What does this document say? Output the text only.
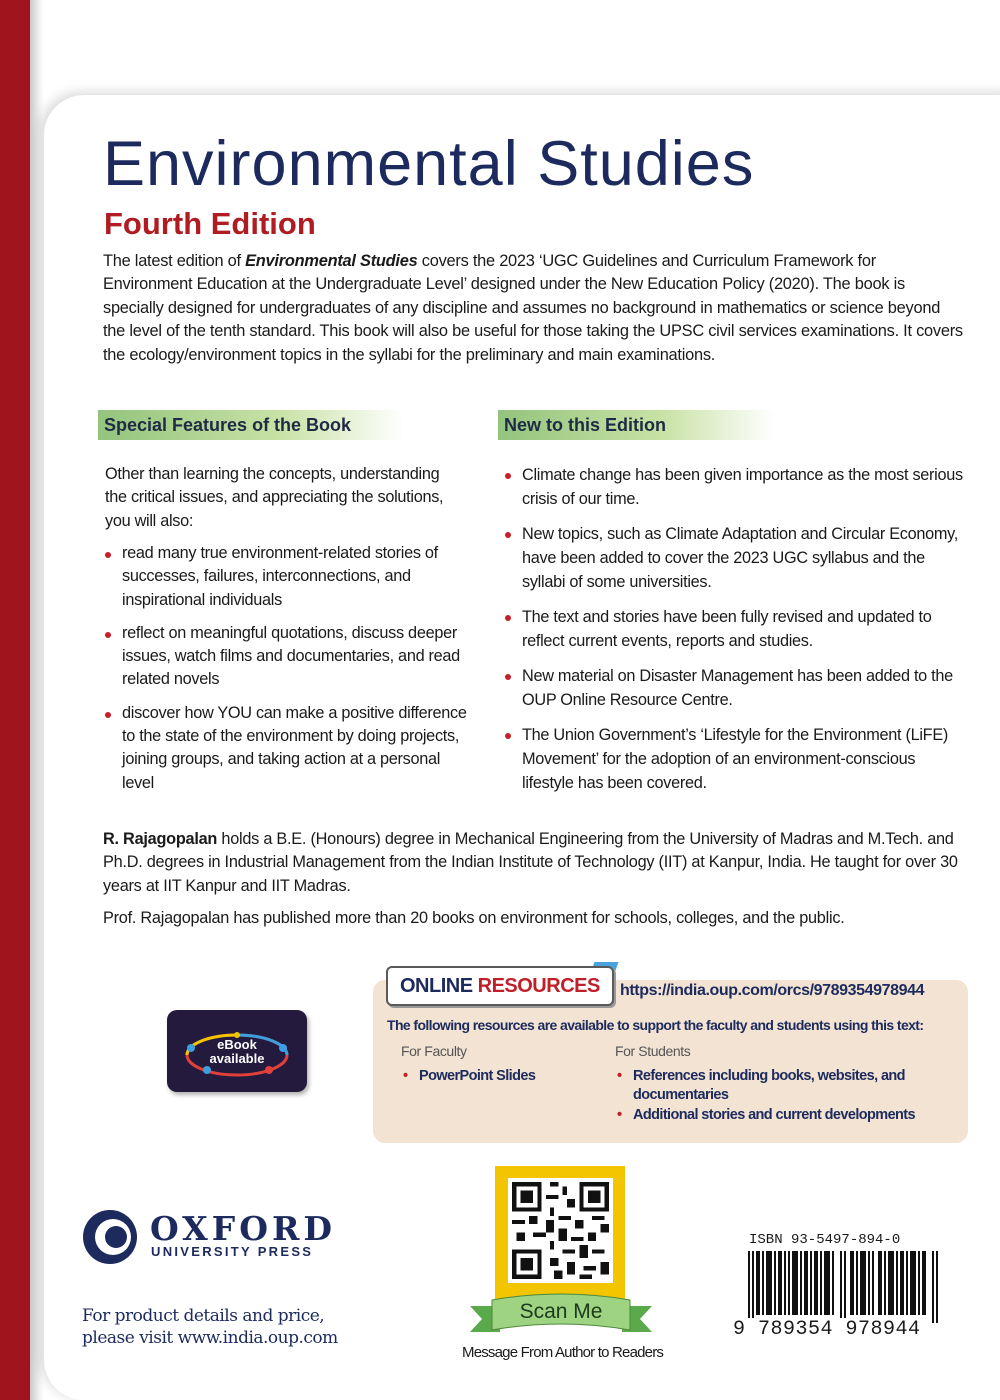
Environmental Studies
Fourth Edition
The latest edition of Environmental Studies covers the 2023 ‘UGC Guidelines and Curriculum Framework for Environment Education at the Undergraduate Level’ designed under the New Education Policy (2020). The book is specially designed for undergraduates of any discipline and assumes no background in mathematics or science beyond the level of the tenth standard. This book will also be useful for those taking the UPSC civil services examinations. It covers the ecology/environment topics in the syllabi for the preliminary and main examinations.
Special Features of the Book	New to this Edition
Other than learning the concepts, understanding the critical issues, and appreciating the solutions, you will also:
read many true environment-related stories of successes, failures, interconnections, and inspirational individuals
reflect on meaningful quotations, discuss deeper issues, watch films and documentaries, and read related novels
discover how YOU can make a positive difference to the state of the environment by doing projects, joining groups, and taking action at a personal level
Climate change has been given importance as the most serious crisis of our time.
New topics, such as Climate Adaptation and Circular Economy, have been added to cover the 2023 UGC syllabus and the syllabi of some universities.
The text and stories have been fully revised and updated to reflect current events, reports and studies.
New material on Disaster Management has been added to the OUP Online Resource Centre.
The Union Government’s ‘Lifestyle for the Environment (LiFE) Movement’ for the adoption of an environment-conscious lifestyle has been covered.
R. Rajagopalan holds a B.E. (Honours) degree in Mechanical Engineering from the University of Madras and M.Tech. and Ph.D. degrees in Industrial Management from the Indian Institute of Technology (IIT) at Kanpur, India. He taught for over 30 years at IIT Kanpur and IIT Madras.
Prof. Rajagopalan has published more than 20 books on environment for schools, colleges, and the public.
eBook
available
ONLINE RESOURCES https://india.oup.com/orcs/9789354978944
The following resources are available to support the faculty and students using this text:
For Faculty
• PowerPoint Slides
For Students
• References including books, websites, and documentaries
• Additional stories and current developments
OXFORD
UNIVERSITY PRESS
For product details and price,
please visit www.india.oup.com
Scan Me
Message From Author to Readers
ISBN 93-5497-894-0
9 789354 978944
